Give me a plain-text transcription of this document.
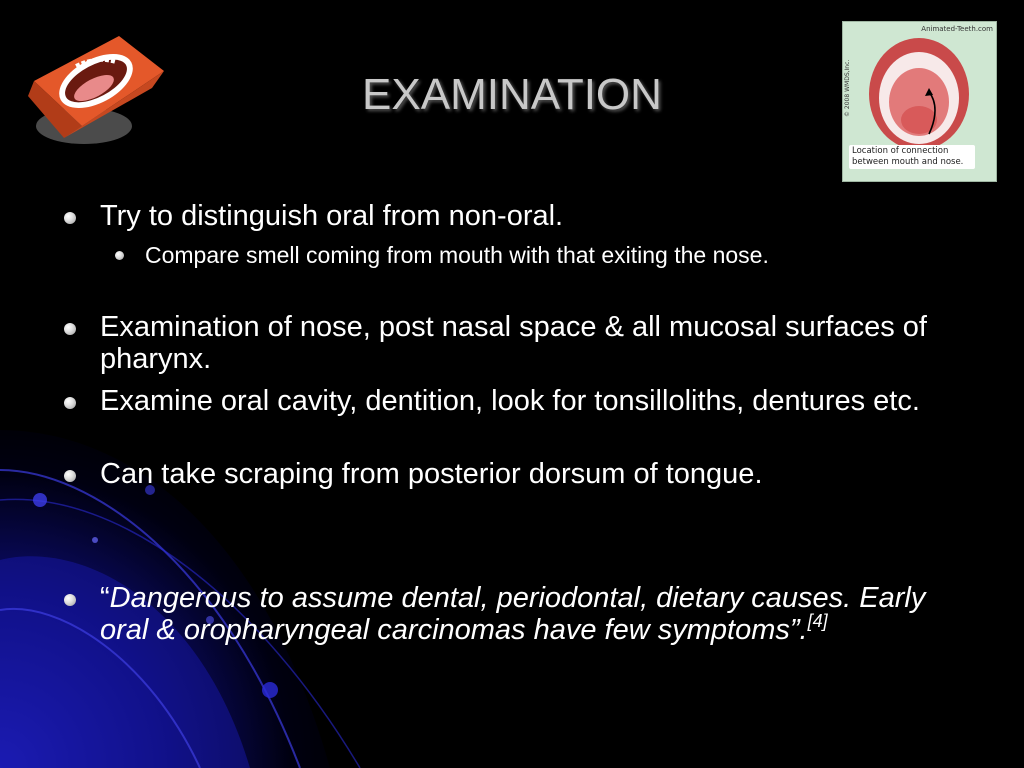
Animated-Teeth.com
© 2008 WMDS,Inc.
Location of connection
between mouth and nose.
EXAMINATION
Try to distinguish oral from non-oral.
Compare smell coming from mouth with that exiting the nose.
Examination of nose, post nasal space & all mucosal surfaces of pharynx.
Examine oral cavity, dentition, look for tonsilloliths, dentures etc.
Can take scraping from posterior dorsum of tongue.
“Dangerous to assume dental, periodontal, dietary causes. Early oral & oropharyngeal carcinomas have few symptoms”.[4]
